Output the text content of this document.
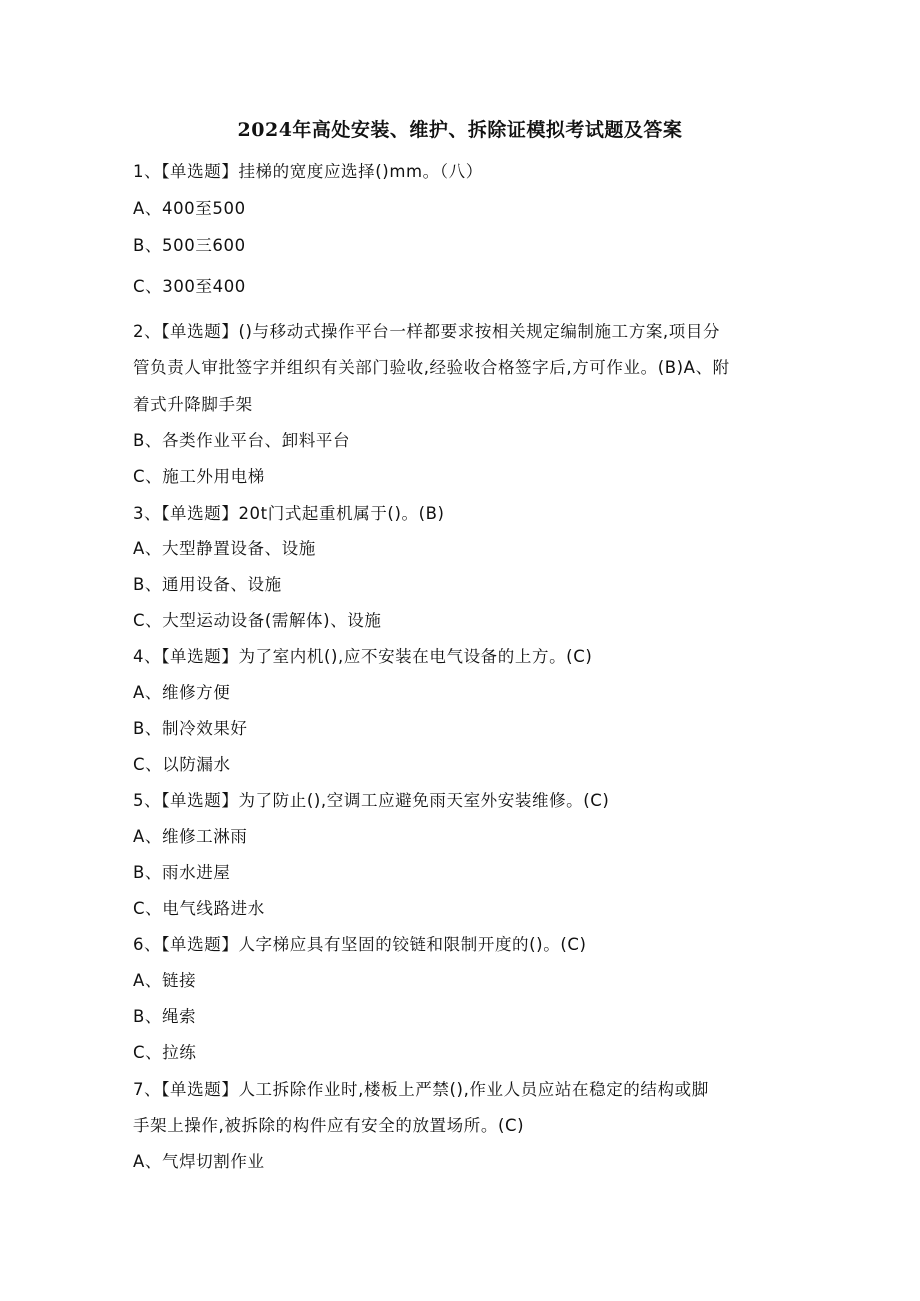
2024年高处安装、维护、拆除证模拟考试题及答案
1、【单选题】挂梯的宽度应选择()mm。（八）
A、400至500
B、500三600
C、300至400
2、【单选题】()与移动式操作平台一样都要求按相关规定编制施工方案,项目分
管负责人审批签字并组织有关部门验收,经验收合格签字后,方可作业。(B)A、附
着式升降脚手架
B、各类作业平台、卸料平台
C、施工外用电梯
3、【单选题】20t门式起重机属于()。(B)
A、大型静置设备、设施
B、通用设备、设施
C、大型运动设备(需解体)、设施
4、【单选题】为了室内机(),应不安装在电气设备的上方。(C)
A、维修方便
B、制冷效果好
C、以防漏水
5、【单选题】为了防止(),空调工应避免雨天室外安装维修。(C)
A、维修工淋雨
B、雨水进屋
C、电气线路进水
6、【单选题】人字梯应具有坚固的铰链和限制开度的()。(C)
A、链接
B、绳索
C、拉练
7、【单选题】人工拆除作业时,楼板上严禁(),作业人员应站在稳定的结构或脚
手架上操作,被拆除的构件应有安全的放置场所。(C)
A、气焊切割作业
